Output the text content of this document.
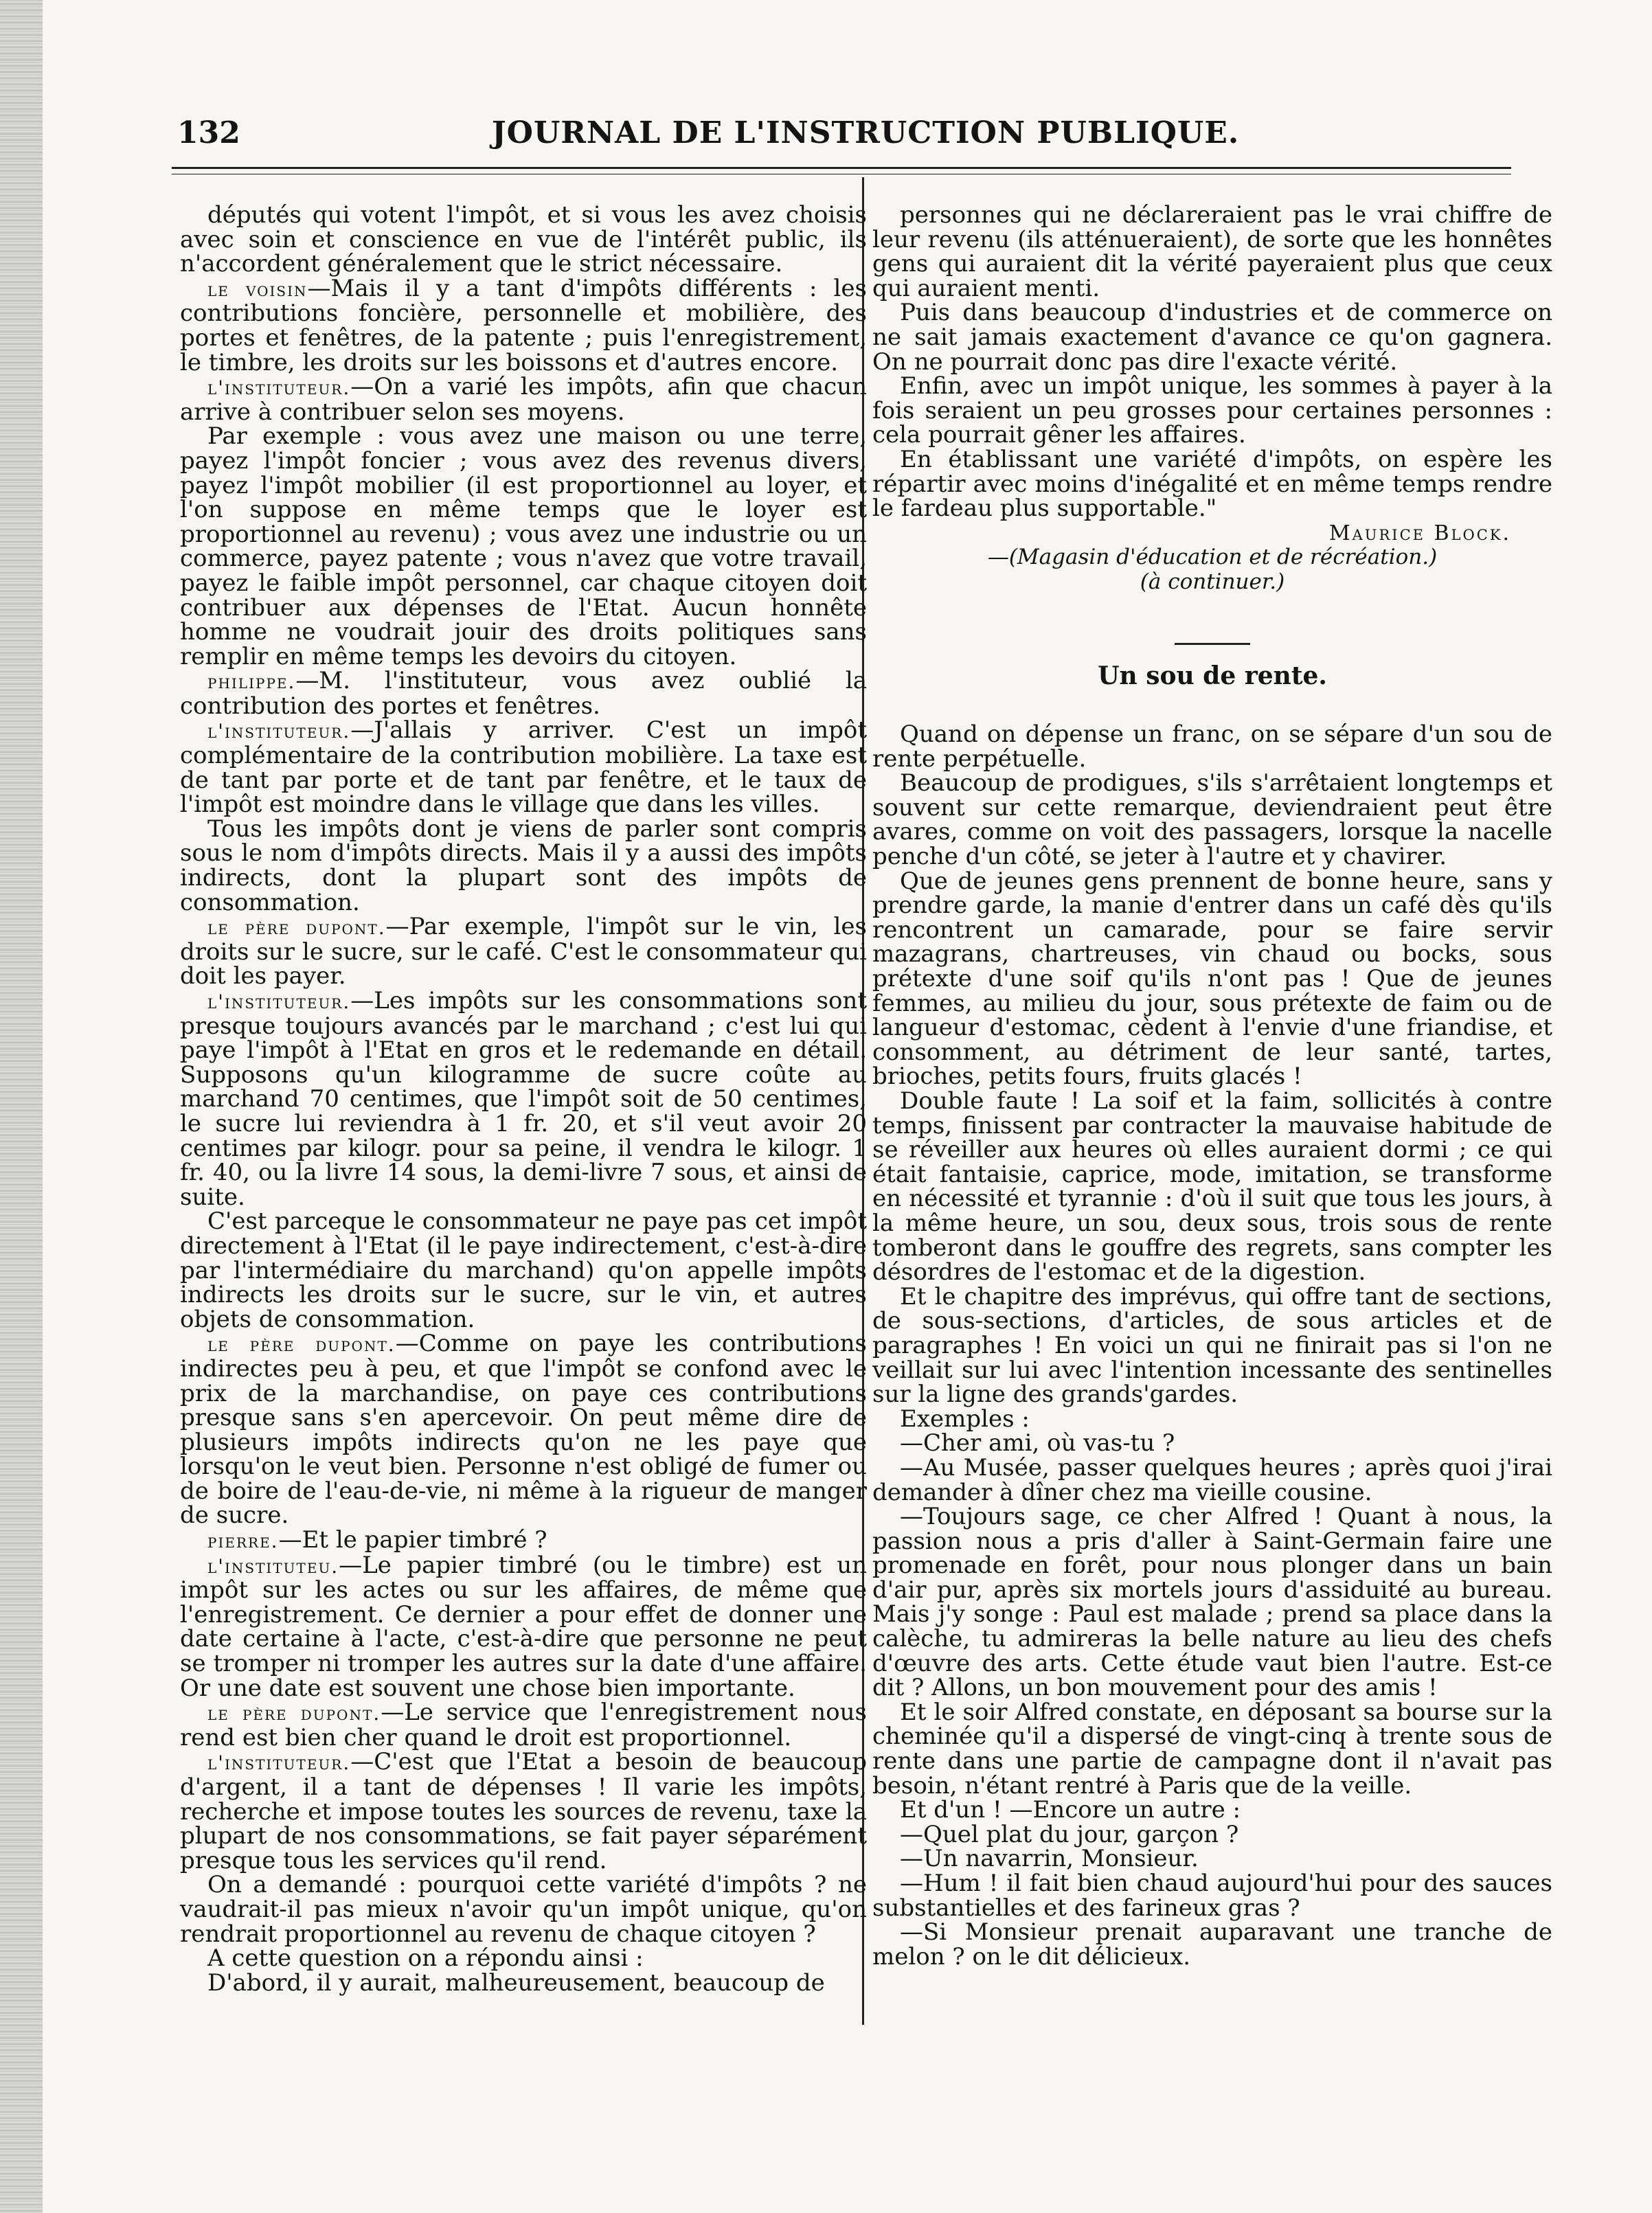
132	JOURNAL DE L'INSTRUCTION PUBLIQUE.

députés qui votent l'impôt, et si vous les avez choisis avec soin et conscience en vue de l'intérêt public, ils n'accordent généralement que le strict nécessaire.

le voisin—Mais il y a tant d'impôts différents : les contributions foncière, personnelle et mobilière, des portes et fenêtres, de la patente ; puis l'enregistrement, le timbre, les droits sur les boissons et d'autres encore.

l'instituteur.—On a varié les impôts, afin que chacun arrive à contribuer selon ses moyens.

Par exemple : vous avez une maison ou une terre, payez l'impôt foncier ; vous avez des revenus divers, payez l'impôt mobilier (il est proportionnel au loyer, et l'on suppose en même temps que le loyer est proportionnel au revenu) ; vous avez une industrie ou un commerce, payez patente ; vous n'avez que votre travail, payez le faible impôt personnel, car chaque citoyen doit contribuer aux dépenses de l'Etat. Aucun honnête homme ne voudrait jouir des droits politiques sans remplir en même temps les devoirs du citoyen.

philippe.—M. l'instituteur, vous avez oublié la contribution des portes et fenêtres.

l'instituteur.—J'allais y arriver. C'est un impôt complémentaire de la contribution mobilière. La taxe est de tant par porte et de tant par fenêtre, et le taux de l'impôt est moindre dans le village que dans les villes.

Tous les impôts dont je viens de parler sont compris sous le nom d'impôts directs. Mais il y a aussi des impôts indirects, dont la plupart sont des impôts de consommation.

le père dupont.—Par exemple, l'impôt sur le vin, les droits sur le sucre, sur le café. C'est le consommateur qui doit les payer.

l'instituteur.—Les impôts sur les consommations sont presque toujours avancés par le marchand ; c'est lui qui paye l'impôt à l'Etat en gros et le redemande en détail. Supposons qu'un kilogramme de sucre coûte au marchand 70 centimes, que l'impôt soit de 50 centimes, le sucre lui reviendra à 1 fr. 20, et s'il veut avoir 20 centimes par kilogr. pour sa peine, il vendra le kilogr. 1 fr. 40, ou la livre 14 sous, la demi-livre 7 sous, et ainsi de suite.

C'est parceque le consommateur ne paye pas cet impôt directement à l'Etat (il le paye indirectement, c'est-à-dire par l'intermédiaire du marchand) qu'on appelle impôts indirects les droits sur le sucre, sur le vin, et autres objets de consommation.

le père dupont.—Comme on paye les contributions indirectes peu à peu, et que l'impôt se confond avec le prix de la marchandise, on paye ces contributions presque sans s'en apercevoir. On peut même dire de plusieurs impôts indirects qu'on ne les paye que lorsqu'on le veut bien. Personne n'est obligé de fumer ou de boire de l'eau-de-vie, ni même à la rigueur de manger de sucre.

pierre.—Et le papier timbré ?

l'instituteu.—Le papier timbré (ou le timbre) est un impôt sur les actes ou sur les affaires, de même que l'enregistrement. Ce dernier a pour effet de donner une date certaine à l'acte, c'est-à-dire que personne ne peut se tromper ni tromper les autres sur la date d'une affaire. Or une date est souvent une chose bien importante.

le père dupont.—Le service que l'enregistrement nous rend est bien cher quand le droit est proportionnel.

l'instituteur.—C'est que l'Etat a besoin de beaucoup d'argent, il a tant de dépenses ! Il varie les impôts, recherche et impose toutes les sources de revenu, taxe la plupart de nos consommations, se fait payer séparément presque tous les services qu'il rend.

On a demandé : pourquoi cette variété d'impôts ? ne vaudrait-il pas mieux n'avoir qu'un impôt unique, qu'on rendrait proportionnel au revenu de chaque citoyen ?

A cette question on a répondu ainsi :

D'abord, il y aurait, malheureusement, beaucoup de

personnes qui ne déclareraient pas le vrai chiffre de leur revenu (ils atténueraient), de sorte que les honnêtes gens qui auraient dit la vérité payeraient plus que ceux qui auraient menti.

Puis dans beaucoup d'industries et de commerce on ne sait jamais exactement d'avance ce qu'on gagnera. On ne pourrait donc pas dire l'exacte vérité.

Enfin, avec un impôt unique, les sommes à payer à la fois seraient un peu grosses pour certaines personnes : cela pourrait gêner les affaires.

En établissant une variété d'impôts, on espère les répartir avec moins d'inégalité et en même temps rendre le fardeau plus supportable."

Maurice Block.

—(Magasin d'éducation et de récréation.)

(à continuer.)

Un sou de rente.

Quand on dépense un franc, on se sépare d'un sou de rente perpétuelle.

Beaucoup de prodigues, s'ils s'arrêtaient longtemps et souvent sur cette remarque, deviendraient peut être avares, comme on voit des passagers, lorsque la nacelle penche d'un côté, se jeter à l'autre et y chavirer.

Que de jeunes gens prennent de bonne heure, sans y prendre garde, la manie d'entrer dans un café dès qu'ils rencontrent un camarade, pour se faire servir mazagrans, chartreuses, vin chaud ou bocks, sous prétexte d'une soif qu'ils n'ont pas ! Que de jeunes femmes, au milieu du jour, sous prétexte de faim ou de langueur d'estomac, cèdent à l'envie d'une friandise, et consomment, au détriment de leur santé, tartes, brioches, petits fours, fruits glacés !

Double faute ! La soif et la faim, sollicités à contre temps, finissent par contracter la mauvaise habitude de se réveiller aux heures où elles auraient dormi ; ce qui était fantaisie, caprice, mode, imitation, se transforme en nécessité et tyrannie : d'où il suit que tous les jours, à la même heure, un sou, deux sous, trois sous de rente tomberont dans le gouffre des regrets, sans compter les désordres de l'estomac et de la digestion.

Et le chapitre des imprévus, qui offre tant de sections, de sous-sections, d'articles, de sous articles et de paragraphes ! En voici un qui ne finirait pas si l'on ne veillait sur lui avec l'intention incessante des sentinelles sur la ligne des grands'gardes.

Exemples :

—Cher ami, où vas-tu ?

—Au Musée, passer quelques heures ; après quoi j'irai demander à dîner chez ma vieille cousine.

—Toujours sage, ce cher Alfred ! Quant à nous, la passion nous a pris d'aller à Saint-Germain faire une promenade en forêt, pour nous plonger dans un bain d'air pur, après six mortels jours d'assiduité au bureau. Mais j'y songe : Paul est malade ; prend sa place dans la calèche, tu admireras la belle nature au lieu des chefs d'œuvre des arts. Cette étude vaut bien l'autre. Est-ce dit ? Allons, un bon mouvement pour des amis !

Et le soir Alfred constate, en déposant sa bourse sur la cheminée qu'il a dispersé de vingt-cinq à trente sous de rente dans une partie de campagne dont il n'avait pas besoin, n'étant rentré à Paris que de la veille.

Et d'un ! —Encore un autre :

—Quel plat du jour, garçon ?

—Un navarrin, Monsieur.

—Hum ! il fait bien chaud aujourd'hui pour des sauces substantielles et des farineux gras ?

—Si Monsieur prenait auparavant une tranche de melon ? on le dit délicieux.
